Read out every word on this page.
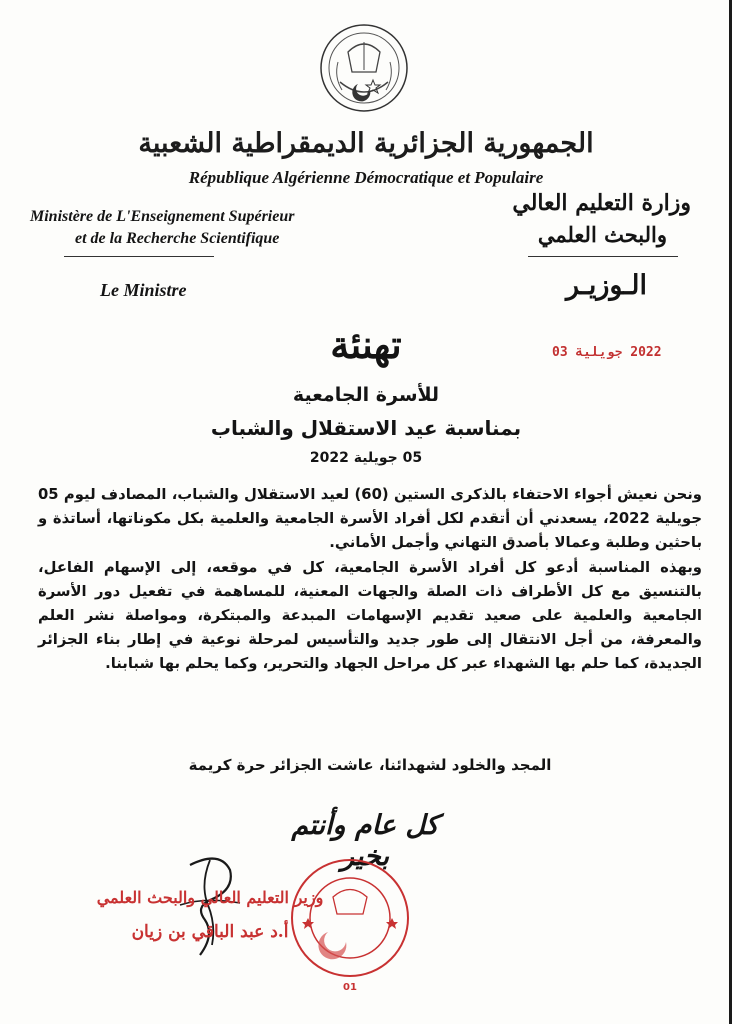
الجمهورية الجزائرية الديمقراطية الشعبية
République Algérienne Démocratique et Populaire
Ministère de L'Enseignement Supérieur
et de la Recherche Scientifique
Le Ministre
وزارة التعليم العالي
والبحث العلمي
الـوزيـر
2022 جويلية 03
تهنئة
للأسرة الجامعية
بمناسبة عيد الاستقلال والشباب
05 جويلية 2022

ونحن نعيش أجواء الاحتفاء بالذكرى الستين (60) لعيد الاستقلال والشباب، المصادف ليوم 05 جويلية 2022، يسعدني أن أتقدم لكل أفراد الأسرة الجامعية والعلمية بكل مكوناتها، أساتذة و باحثين وطلبة وعمالا بأصدق التهاني وأجمل الأماني.

وبهذه المناسبة أدعو كل أفراد الأسرة الجامعية، كل في موقعه، إلى الإسهام الفاعل، بالتنسيق مع كل الأطراف ذات الصلة والجهات المعنية، للمساهمة في تفعيل دور الأسرة الجامعية والعلمية على صعيد تقديم الإسهامات المبدعة والمبتكرة، ومواصلة نشر العلم والمعرفة، من أجل الانتقال إلى طور جديد والتأسيس لمرحلة نوعية في إطار بناء الجزائر الجديدة، كما حلم بها الشهداء عبر كل مراحل الجهاد والتحرير، وكما يحلم بها شبابنا.

المجد والخلود لشهدائنا، عاشت الجزائر حرة كريمة
كل عام وأنتم بخير
وزير التعليم العالي والبحث العلمي
أ.د عبد الباقي بن زيان
01
